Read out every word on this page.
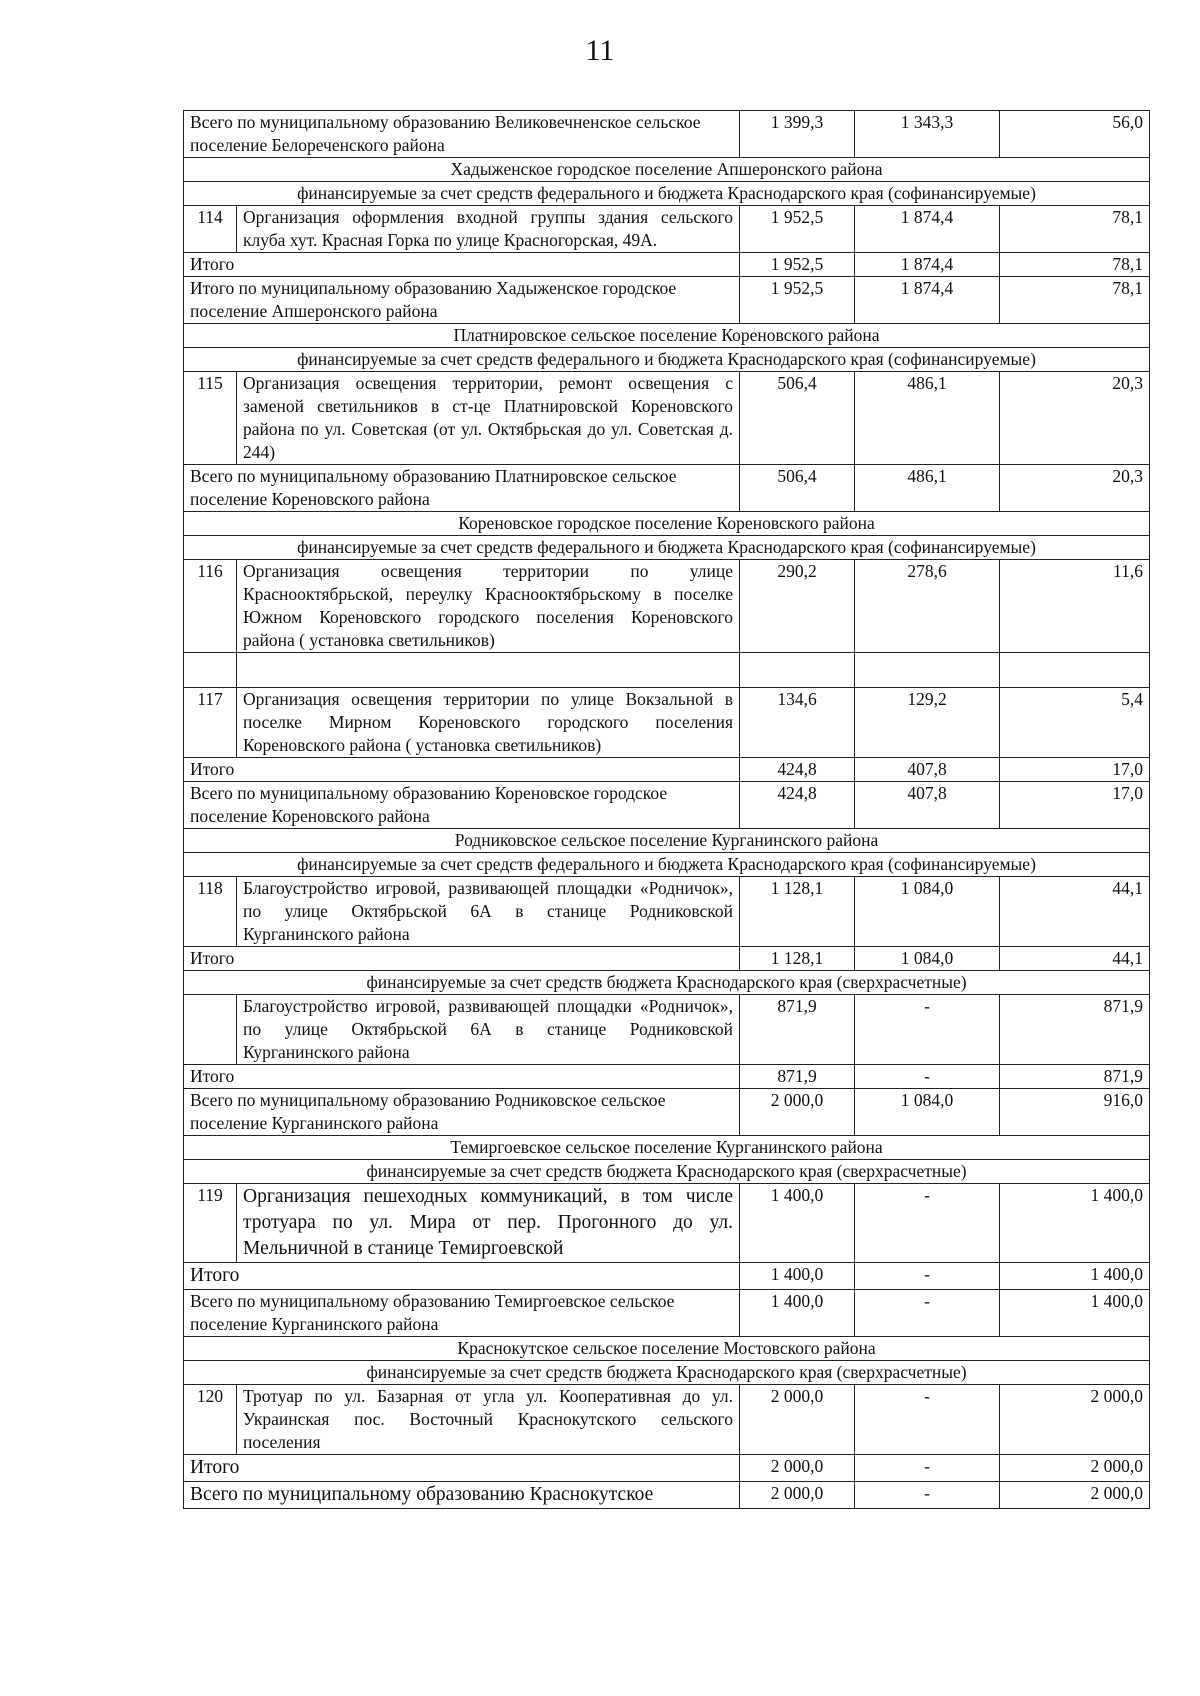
11
Всего по муниципальному образованию Великовечненское сельское поселение Белореченского района		1 399,3	1 343,3	56,0
Хадыженское городское поселение Апшеронского района				
финансируемые за счет средств федерального и бюджета Краснодарского края (софинансируемые)				
114	Организация оформления входной группы здания сельского клуба хут. Красная Горка по улице Красногорская, 49А.	1 952,5	1 874,4	78,1
Итого		1 952,5	1 874,4	78,1
Итого по муниципальному образованию Хадыженское городское поселение Апшеронского района		1 952,5	1 874,4	78,1
Платнировское сельское поселение Кореновского района				
финансируемые за счет средств федерального и бюджета Краснодарского края (софинансируемые)				
115	Организация освещения территории, ремонт освещения с заменой светильников в ст-це Платнировской Кореновского района по ул. Советская (от ул. Октябрьская до ул. Советская д. 244)	506,4	486,1	20,3
Всего по муниципальному образованию Платнировское сельское поселение Кореновского района		506,4	486,1	20,3
Кореновское городское поселение Кореновского района				
финансируемые за счет средств федерального и бюджета Краснодарского края (софинансируемые)				
116	Организация освещения территории по улице Краснооктябрьской, переулку Краснооктябрьскому в поселке Южном Кореновского городского поселения Кореновского района ( установка светильников)	290,2	278,6	11,6

117	Организация освещения территории по улице Вокзальной в поселке Мирном Кореновского городского поселения Кореновского района ( установка светильников)	134,6	129,2	5,4
Итого		424,8	407,8	17,0
Всего по муниципальному образованию Кореновское городское поселение Кореновского района		424,8	407,8	17,0
Родниковское сельское поселение Курганинского района				
финансируемые за счет средств федерального и бюджета Краснодарского края (софинансируемые)				
118	Благоустройство игровой, развивающей площадки «Родничок», по улице Октябрьской 6А в станице Родниковской Курганинского района	1 128,1	1 084,0	44,1
Итого		1 128,1	1 084,0	44,1
финансируемые за счет средств бюджета Краснодарского края (сверхрасчетные)				
	Благоустройство игровой, развивающей площадки «Родничок», по улице Октябрьской 6А в станице Родниковской Курганинского района	871,9	-	871,9
Итого		871,9	-	871,9
Всего по муниципальному образованию Родниковское сельское поселение Курганинского района		2 000,0	1 084,0	916,0
Темиргоевское сельское поселение Курганинского района				
финансируемые за счет средств бюджета Краснодарского края (сверхрасчетные)				
119	Организация пешеходных коммуникаций, в том числе тротуара по ул. Мира от пер. Прогонного до ул. Мельничной в станице Темиргоевской	1 400,0	-	1 400,0
Итого		1 400,0	-	1 400,0
Всего по муниципальному образованию Темиргоевское сельское поселение Курганинского района		1 400,0	-	1 400,0
Краснокутское сельское поселение Мостовского района				
финансируемые за счет средств бюджета Краснодарского края (сверхрасчетные)				
120	Тротуар по ул. Базарная от угла ул. Кооперативная до ул. Украинская пос. Восточный Краснокутского сельского поселения	2 000,0	-	2 000,0
Итого		2 000,0	-	2 000,0
Всего по муниципальному образованию Краснокутское		2 000,0	-	2 000,0
